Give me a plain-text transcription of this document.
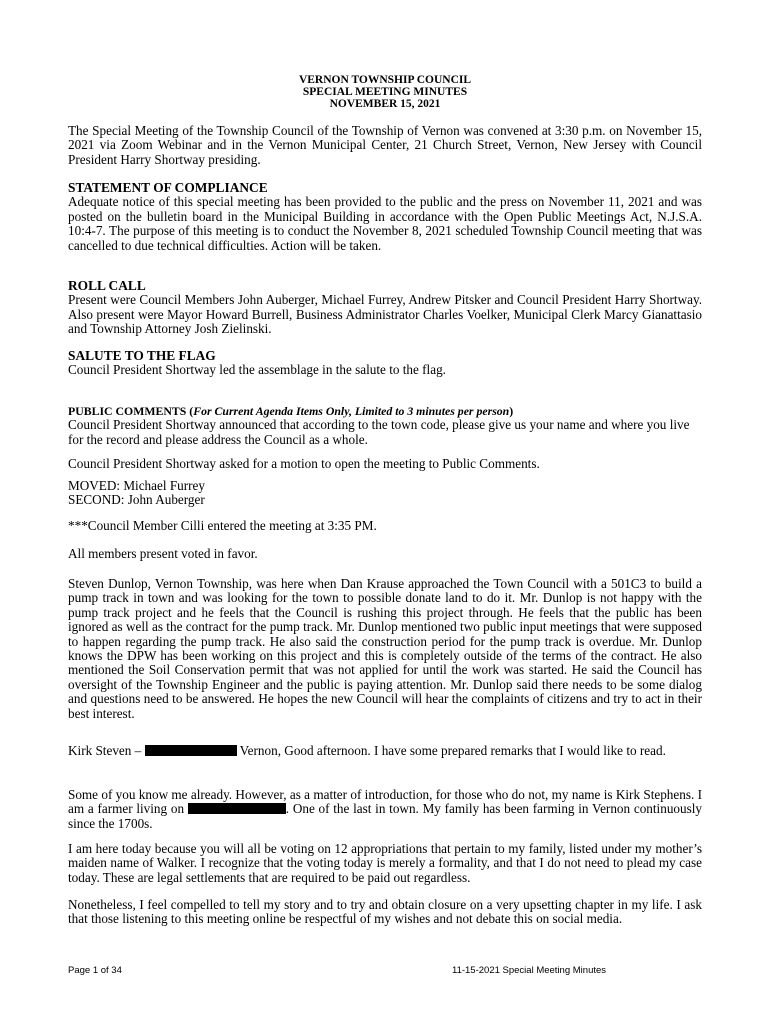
VERNON TOWNSHIP COUNCIL
SPECIAL MEETING MINUTES
NOVEMBER 15, 2021
The Special Meeting of the Township Council of the Township of Vernon was convened at 3:30 p.m. on November 15, 2021 via Zoom Webinar and in the Vernon Municipal Center, 21 Church Street, Vernon, New Jersey with Council President Harry Shortway presiding.
STATEMENT OF COMPLIANCE
Adequate notice of this special meeting has been provided to the public and the press on November 11, 2021 and was posted on the bulletin board in the Municipal Building in accordance with the Open Public Meetings Act, N.J.S.A. 10:4-7. The purpose of this meeting is to conduct the November 8, 2021 scheduled Township Council meeting that was cancelled to due technical difficulties. Action will be taken.
ROLL CALL
Present were Council Members John Auberger, Michael Furrey, Andrew Pitsker and Council President Harry Shortway. Also present were Mayor Howard Burrell, Business Administrator Charles Voelker, Municipal Clerk Marcy Gianattasio and Township Attorney Josh Zielinski.
SALUTE TO THE FLAG
Council President Shortway led the assemblage in the salute to the flag.
PUBLIC COMMENTS (For Current Agenda Items Only, Limited to 3 minutes per person)
Council President Shortway announced that according to the town code, please give us your name and where you live for the record and please address the Council as a whole.
Council President Shortway asked for a motion to open the meeting to Public Comments.
MOVED: Michael Furrey
SECOND: John Auberger
***Council Member Cilli entered the meeting at 3:35 PM.
All members present voted in favor.
Steven Dunlop, Vernon Township, was here when Dan Krause approached the Town Council with a 501C3 to build a pump track in town and was looking for the town to possible donate land to do it. Mr. Dunlop is not happy with the pump track project and he feels that the Council is rushing this project through. He feels that the public has been ignored as well as the contract for the pump track. Mr. Dunlop mentioned two public input meetings that were supposed to happen regarding the pump track. He also said the construction period for the pump track is overdue. Mr. Dunlop knows the DPW has been working on this project and this is completely outside of the terms of the contract. He also mentioned the Soil Conservation permit that was not applied for until the work was started. He said the Council has oversight of the Township Engineer and the public is paying attention. Mr. Dunlop said there needs to be some dialog and questions need to be answered. He hopes the new Council will hear the complaints of citizens and try to act in their best interest.
Kirk Steven –	Vernon, Good afternoon. I have some prepared remarks that I would like to read.
Some of you know me already. However, as a matter of introduction, for those who do not, my name is Kirk Stephens. I am a farmer living on	. One of the last in town. My family has been farming in Vernon continuously since the 1700s.
I am here today because you will all be voting on 12 appropriations that pertain to my family, listed under my mother’s maiden name of Walker. I recognize that the voting today is merely a formality, and that I do not need to plead my case today. These are legal settlements that are required to be paid out regardless.
Nonetheless, I feel compelled to tell my story and to try and obtain closure on a very upsetting chapter in my life. I ask that those listening to this meeting online be respectful of my wishes and not debate this on social media.
Page 1 of 34	11-15-2021 Special Meeting Minutes
